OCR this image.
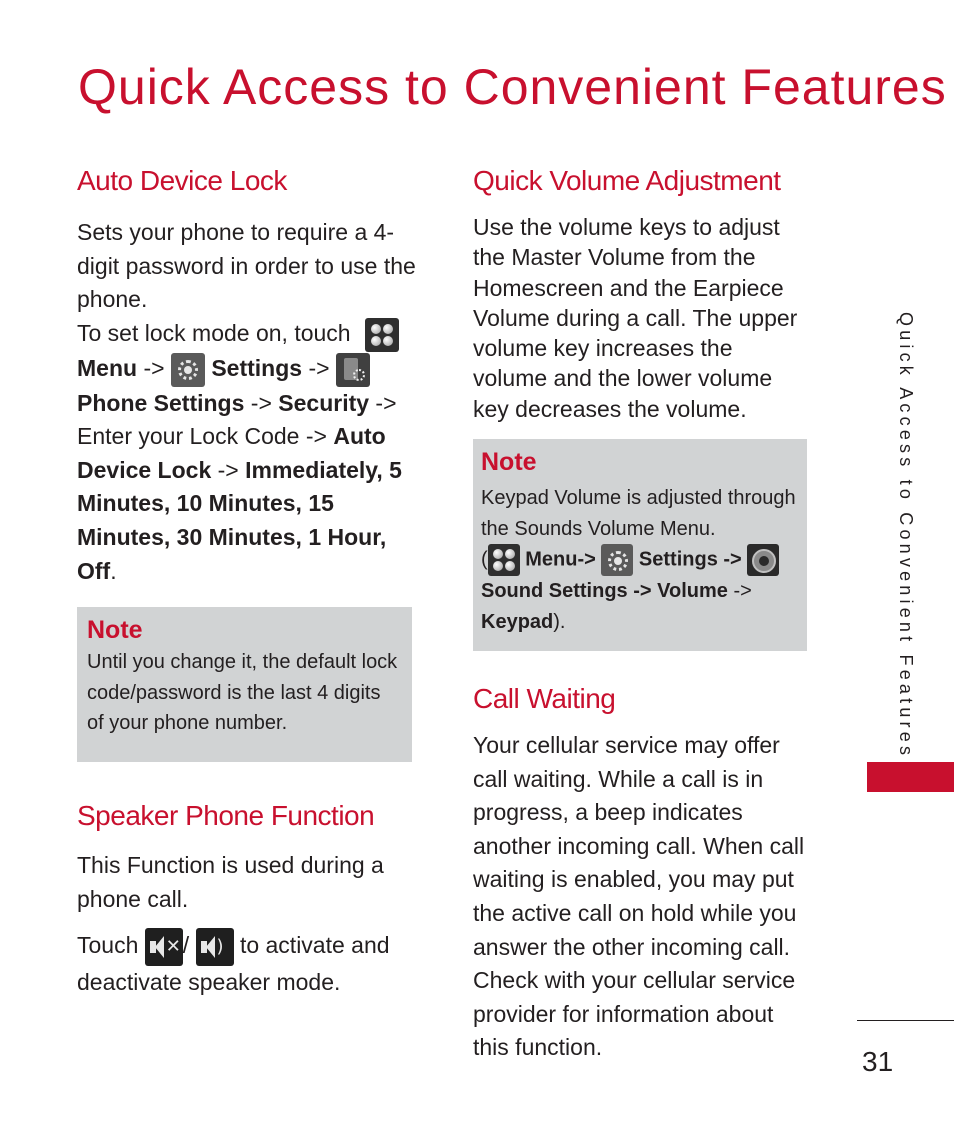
Quick Access to Convenient Features
Auto Device Lock

Sets your phone to require a 4-digit password in order to use the phone.

To set lock mode on, touch

Menu ->  Settings ->
Phone Settings -> Security ->
Enter your Lock Code -> Auto Device Lock -> Immediately, 5 Minutes, 10 Minutes, 15 Minutes, 30 Minutes, 1 Hour, Off.

Note
Until you change it, the default lock code/password is the last 4 digits of your phone number.
Speaker Phone Function

This Function is used during a phone call.

Touch ✕ / ) to activate and deactivate speaker mode.

Quick Volume Adjustment

Use the volume keys to adjust the Master Volume from the Homescreen and the Earpiece Volume during a call. The upper volume key increases the volume and the lower volume key decreases the volume.

Note
Keypad Volume is adjusted through the Sounds Volume Menu.
( Menu-> Settings ->
Sound Settings -> Volume ->
Keypad).
Call Waiting

Your cellular service may offer call waiting. While a call is in progress, a beep indicates another incoming call. When call waiting is enabled, you may put the active call on hold while you answer the other incoming call. Check with your cellular service provider for information about this function.

Quick Access to Convenient Features
31
